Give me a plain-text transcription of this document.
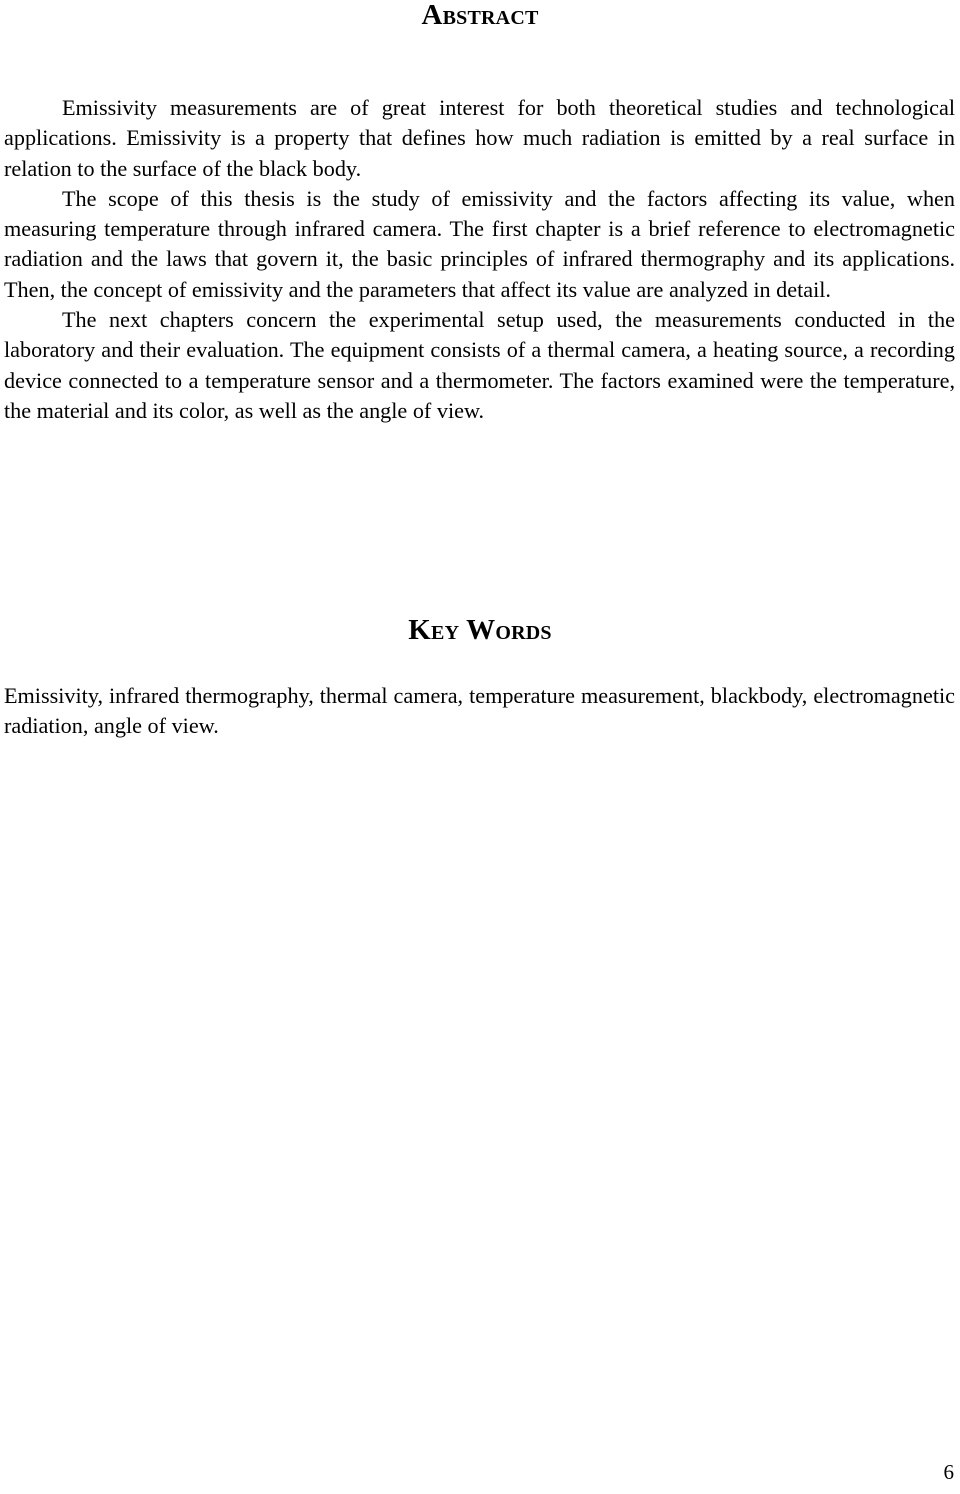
Abstract

Emissivity measurements are of great interest for both theoretical studies and technological applications. Emissivity is a property that defines how much radiation is emitted by a real surface in relation to the surface of the black body.

The scope of this thesis is the study of emissivity and the factors affecting its value, when measuring temperature through infrared camera. The first chapter is a brief reference to electromagnetic radiation and the laws that govern it, the basic principles of infrared thermography and its applications. Then, the concept of emissivity and the parameters that affect its value are analyzed in detail.

The next chapters concern the experimental setup used, the measurements conducted in the laboratory and their evaluation. The equipment consists of a thermal camera, a heating source, a recording device connected to a temperature sensor and a thermometer. The factors examined were the temperature, the material and its color, as well as the angle of view.

Key Words

Emissivity, infrared thermography, thermal camera, temperature measurement, blackbody, electromagnetic radiation, angle of view.

6
